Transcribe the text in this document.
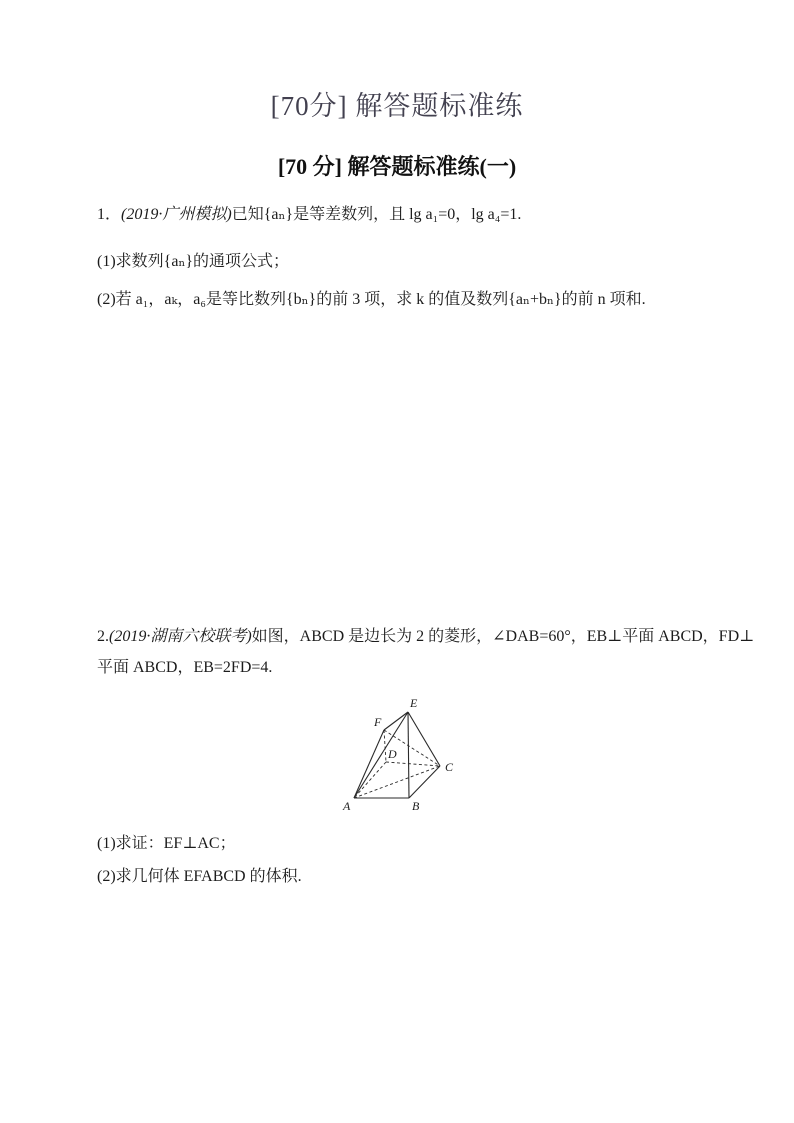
[70分] 解答题标准练
[70 分] 解答题标准练(一)
1．(2019·广州模拟)已知{aₙ}是等差数列，且 lg a₁=0，lg a₄=1.
(1)求数列{aₙ}的通项公式；
(2)若 a₁，aₖ，a₆是等比数列{bₙ}的前 3 项，求 k 的值及数列{aₙ+bₙ}的前 n 项和.
2.(2019·湖南六校联考)如图，ABCD 是边长为 2 的菱形，∠DAB=60°，EB⊥平面 ABCD，FD⊥
平面 ABCD，EB=2FD=4.
E
F
D
C
A	B
(1)求证：EF⊥AC；
(2)求几何体 EFABCD 的体积.
